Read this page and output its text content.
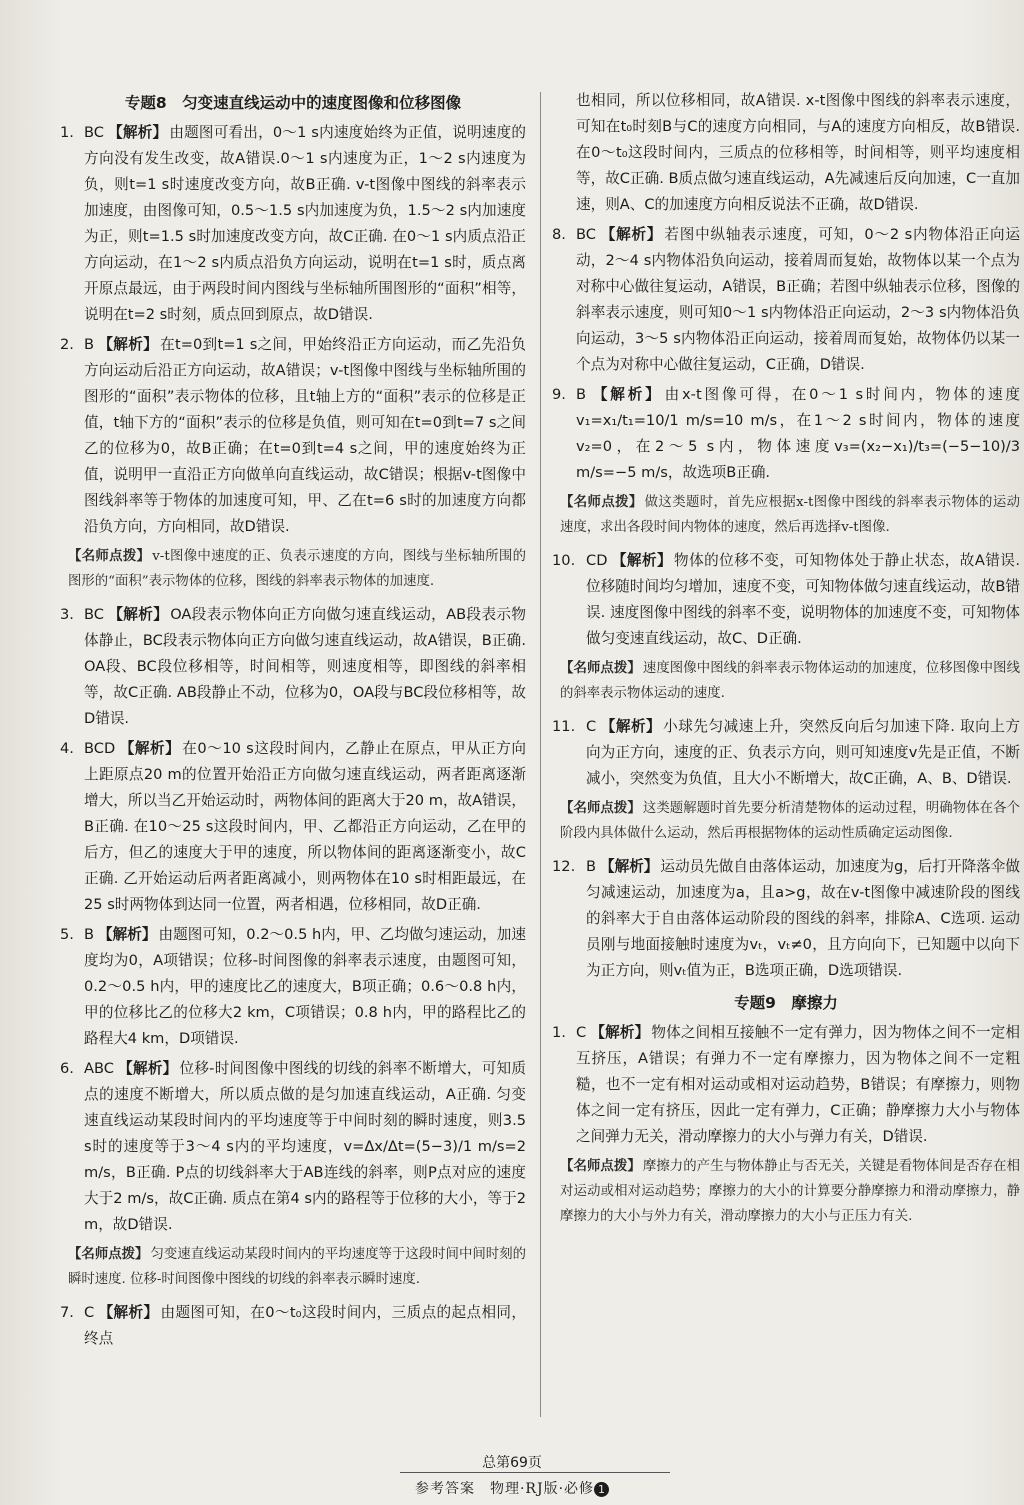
专题8　匀变速直线运动中的速度图像和位移图像
1. BC 【解析】 由题图可看出，0～1 s内速度始终为正值，说明速度的方向没有发生改变，故A错误.0～1 s内速度为正，1～2 s内速度为负，则t=1 s时速度改变方向，故B正确. v-t图像中图线的斜率表示加速度，由图像可知，0.5～1.5 s内加速度为负，1.5～2 s内加速度为正，则t=1.5 s时加速度改变方向，故C正确. 在0～1 s内质点沿正方向运动，在1～2 s内质点沿负方向运动，说明在t=1 s时，质点离开原点最远，由于两段时间内图线与坐标轴所围图形的“面积”相等，说明在t=2 s时刻，质点回到原点，故D错误.
2. B 【解析】 在t=0到t=1 s之间，甲始终沿正方向运动，而乙先沿负方向运动后沿正方向运动，故A错误；v-t图像中图线与坐标轴所围的图形的“面积”表示物体的位移，且t轴上方的“面积”表示的位移是正值，t轴下方的“面积”表示的位移是负值，则可知在t=0到t=7 s之间乙的位移为0，故B正确；在t=0到t=4 s之间，甲的速度始终为正值，说明甲一直沿正方向做单向直线运动，故C错误；根据v-t图像中图线斜率等于物体的加速度可知，甲、乙在t=6 s时的加速度方向都沿负方向，方向相同，故D错误.
【名师点拨】 v-t图像中速度的正、负表示速度的方向，图线与坐标轴所围的图形的“面积”表示物体的位移，图线的斜率表示物体的加速度.
3. BC 【解析】 OA段表示物体向正方向做匀速直线运动，AB段表示物体静止，BC段表示物体向正方向做匀速直线运动，故A错误，B正确. OA段、BC段位移相等，时间相等，则速度相等，即图线的斜率相等，故C正确. AB段静止不动，位移为0，OA段与BC段位移相等，故D错误.
4. BCD 【解析】 在0～10 s这段时间内，乙静止在原点，甲从正方向上距原点20 m的位置开始沿正方向做匀速直线运动，两者距离逐渐增大，所以当乙开始运动时，两物体间的距离大于20 m，故A错误，B正确. 在10～25 s这段时间内，甲、乙都沿正方向运动，乙在甲的后方，但乙的速度大于甲的速度，所以物体间的距离逐渐变小，故C正确. 乙开始运动后两者距离减小，则两物体在10 s时相距最远，在25 s时两物体到达同一位置，两者相遇，位移相同，故D正确.
5. B 【解析】 由题图可知，0.2～0.5 h内，甲、乙均做匀速运动，加速度均为0，A项错误；位移-时间图像的斜率表示速度，由题图可知，0.2～0.5 h内，甲的速度比乙的速度大，B项正确；0.6～0.8 h内，甲的位移比乙的位移大2 km，C项错误；0.8 h内，甲的路程比乙的路程大4 km，D项错误.
6. ABC 【解析】 位移-时间图像中图线的切线的斜率不断增大，可知质点的速度不断增大，所以质点做的是匀加速直线运动，A正确. 匀变速直线运动某段时间内的平均速度等于中间时刻的瞬时速度，则3.5 s时的速度等于3～4 s内的平均速度，v=Δx/Δt=(5−3)/1 m/s=2 m/s，B正确. P点的切线斜率大于AB连线的斜率，则P点对应的速度大于2 m/s，故C正确. 质点在第4 s内的路程等于位移的大小，等于2 m，故D错误.
【名师点拨】 匀变速直线运动某段时间内的平均速度等于这段时间中间时刻的瞬时速度. 位移-时间图像中图线的切线的斜率表示瞬时速度.
7. C 【解析】 由题图可知，在0～t₀这段时间内，三质点的起点相同，终点
也相同，所以位移相同，故A错误. x-t图像中图线的斜率表示速度，可知在t₀时刻B与C的速度方向相同，与A的速度方向相反，故B错误. 在0～t₀这段时间内，三质点的位移相等，时间相等，则平均速度相等，故C正确. B质点做匀速直线运动，A先减速后反向加速，C一直加速，则A、C的加速度方向相反说法不正确，故D错误.
8. BC 【解析】 若图中纵轴表示速度，可知，0～2 s内物体沿正向运动，2～4 s内物体沿负向运动，接着周而复始，故物体以某一个点为对称中心做往复运动，A错误，B正确；若图中纵轴表示位移，图像的斜率表示速度，则可知0～1 s内物体沿正向运动，2～3 s内物体沿负向运动，3～5 s内物体沿正向运动，接着周而复始，故物体仍以某一个点为对称中心做往复运动，C正确，D错误.
9. B 【解析】 由x-t图像可得，在0～1 s时间内，物体的速度v₁=x₁/t₁=10/1 m/s=10 m/s，在1～2 s时间内，物体的速度v₂=0，在2～5 s内，物体速度v₃=(x₂−x₁)/t₃=(−5−10)/3 m/s=−5 m/s，故选项B正确.
【名师点拨】 做这类题时，首先应根据x-t图像中图线的斜率表示物体的运动速度，求出各段时间内物体的速度，然后再选择v-t图像.
10. CD 【解析】 物体的位移不变，可知物体处于静止状态，故A错误. 位移随时间均匀增加，速度不变，可知物体做匀速直线运动，故B错误. 速度图像中图线的斜率不变，说明物体的加速度不变，可知物体做匀变速直线运动，故C、D正确.
【名师点拨】 速度图像中图线的斜率表示物体运动的加速度，位移图像中图线的斜率表示物体运动的速度.
11. C 【解析】 小球先匀减速上升，突然反向后匀加速下降. 取向上方向为正方向，速度的正、负表示方向，则可知速度v先是正值，不断减小，突然变为负值，且大小不断增大，故C正确，A、B、D错误.
【名师点拨】 这类题解题时首先要分析清楚物体的运动过程，明确物体在各个阶段内具体做什么运动，然后再根据物体的运动性质确定运动图像.
12. B 【解析】 运动员先做自由落体运动，加速度为g，后打开降落伞做匀减速运动，加速度为a，且a>g，故在v-t图像中减速阶段的图线的斜率大于自由落体运动阶段的图线的斜率，排除A、C选项. 运动员刚与地面接触时速度为vₜ，vₜ≠0，且方向向下，已知题中以向下为正方向，则vₜ值为正，B选项正确，D选项错误.
专题9　摩擦力
1. C 【解析】 物体之间相互接触不一定有弹力，因为物体之间不一定相互挤压，A错误；有弹力不一定有摩擦力，因为物体之间不一定粗糙，也不一定有相对运动或相对运动趋势，B错误；有摩擦力，则物体之间一定有挤压，因此一定有弹力，C正确；静摩擦力大小与物体之间弹力无关，滑动摩擦力的大小与弹力有关，D错误.
【名师点拨】 摩擦力的产生与物体静止与否无关，关键是看物体间是否存在相对运动或相对运动趋势；摩擦力的大小的计算要分静摩擦力和滑动摩擦力，静摩擦力的大小与外力有关，滑动摩擦力的大小与正压力有关.
总第69页
参考答案　物理·RJ版·必修 1
